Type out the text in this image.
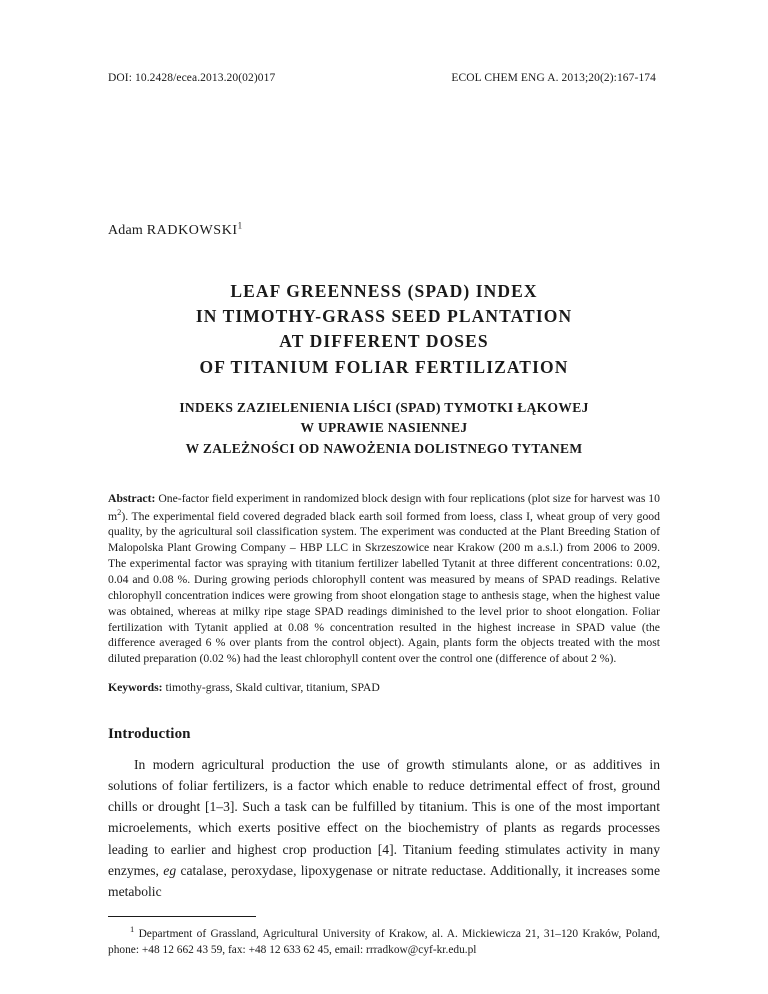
DOI: 10.2428/ecea.2013.20(02)017	ECOL CHEM ENG A. 2013;20(2):167-174
Adam RADKOWSKI$^1$
LEAF GREENNESS (SPAD) INDEX
IN TIMOTHY-GRASS SEED PLANTATION
AT DIFFERENT DOSES
OF TITANIUM FOLIAR FERTILIZATION
INDEKS ZAZIELENIENIA LIŚCI (SPAD) TYMOTKI ŁĄKOWEJ
W UPRAWIE NASIENNEJ
W ZALEŻNOŚCI OD NAWOŻENIA DOLISTNEGO TYTANEM
Abstract: One-factor field experiment in randomized block design with four replications (plot size for harvest was 10 $m^2$). The experimental field covered degraded black earth soil formed from loess, class I, wheat group of very good quality, by the agricultural soil classification system. The experiment was conducted at the Plant Breeding Station of Malopolska Plant Growing Company – HBP LLC in Skrzeszowice near Krakow (200 m a.s.l.) from 2006 to 2009. The experimental factor was spraying with titanium fertilizer labelled Tytanit at three different concentrations: 0.02, 0.04 and 0.08 %. During growing periods chlorophyll content was measured by means of SPAD readings. Relative chlorophyll concentration indices were growing from shoot elongation stage to anthesis stage, when the highest value was obtained, whereas at milky ripe stage SPAD readings diminished to the level prior to shoot elongation. Foliar fertilization with Tytanit applied at 0.08 % concentration resulted in the highest increase in SPAD value (the difference averaged 6 % over plants from the control object). Again, plants form the objects treated with the most diluted preparation (0.02 %) had the least chlorophyll content over the control one (difference of about 2 %).
Keywords: timothy-grass, Skald cultivar, titanium, SPAD
Introduction
In modern agricultural production the use of growth stimulants alone, or as additives in solutions of foliar fertilizers, is a factor which enable to reduce detrimental effect of frost, ground chills or drought [1–3]. Such a task can be fulfilled by titanium. This is one of the most important microelements, which exerts positive effect on the biochemistry of plants as regards processes leading to earlier and highest crop production [4]. Titanium feeding stimulates activity in many enzymes, eg catalase, peroxydase, lipoxygenase or nitrate reductase. Additionally, it increases some metabolic
$^1$ Department of Grassland, Agricultural University of Krakow, al. A. Mickiewicza 21, 31–120 Kraków, Poland, phone: +48 12 662 43 59, fax: +48 12 633 62 45, email: rrradkow@cyf-kr.edu.pl
